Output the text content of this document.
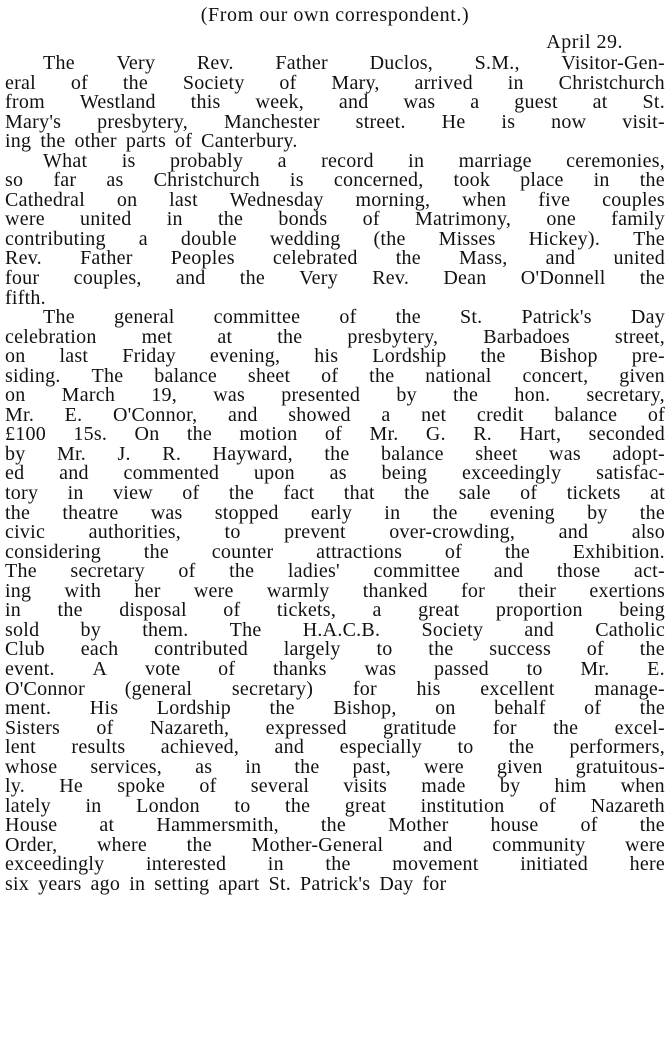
(From our own correspondent.)
April 29.
The Very Rev. Father Duclos, S.M., Visitor-Gen-
eral of the Society of Mary, arrived in Christchurch
from Westland this week, and was a guest at St.
Mary's presbytery, Manchester street. He is now visit-
ing the other parts of Canterbury.
What is probably a record in marriage ceremonies,
so far as Christchurch is concerned, took place in the
Cathedral on last Wednesday morning, when five couples
were united in the bonds of Matrimony, one family
contributing a double wedding (the Misses Hickey). The
Rev. Father Peoples celebrated the Mass, and united
four couples, and the Very Rev. Dean O'Donnell the
fifth.
The general committee of the St. Patrick's Day
celebration met at the presbytery, Barbadoes street,
on last Friday evening, his Lordship the Bishop pre-
siding. The balance sheet of the national concert, given
on March 19, was presented by the hon. secretary,
Mr. E. O'Connor, and showed a net credit balance of
£100 15s. On the motion of Mr. G. R. Hart, seconded
by Mr. J. R. Hayward, the balance sheet was adopt-
ed and commented upon as being exceedingly satisfac-
tory in view of the fact that the sale of tickets at
the theatre was stopped early in the evening by the
civic authorities, to prevent over-crowding, and also
considering the counter attractions of the Exhibition.
The secretary of the ladies' committee and those act-
ing with her were warmly thanked for their exertions
in the disposal of tickets, a great proportion being
sold by them. The H.A.C.B. Society and Catholic
Club each contributed largely to the success of the
event. A vote of thanks was passed to Mr. E.
O'Connor (general secretary) for his excellent manage-
ment. His Lordship the Bishop, on behalf of the
Sisters of Nazareth, expressed gratitude for the excel-
lent results achieved, and especially to the performers,
whose services, as in the past, were given gratuitous-
ly. He spoke of several visits made by him when
lately in London to the great institution of Nazareth
House at Hammersmith, the Mother house of the
Order, where the Mother-General and community were
exceedingly interested in the movement initiated here
six years ago in setting apart St. Patrick's Day for
